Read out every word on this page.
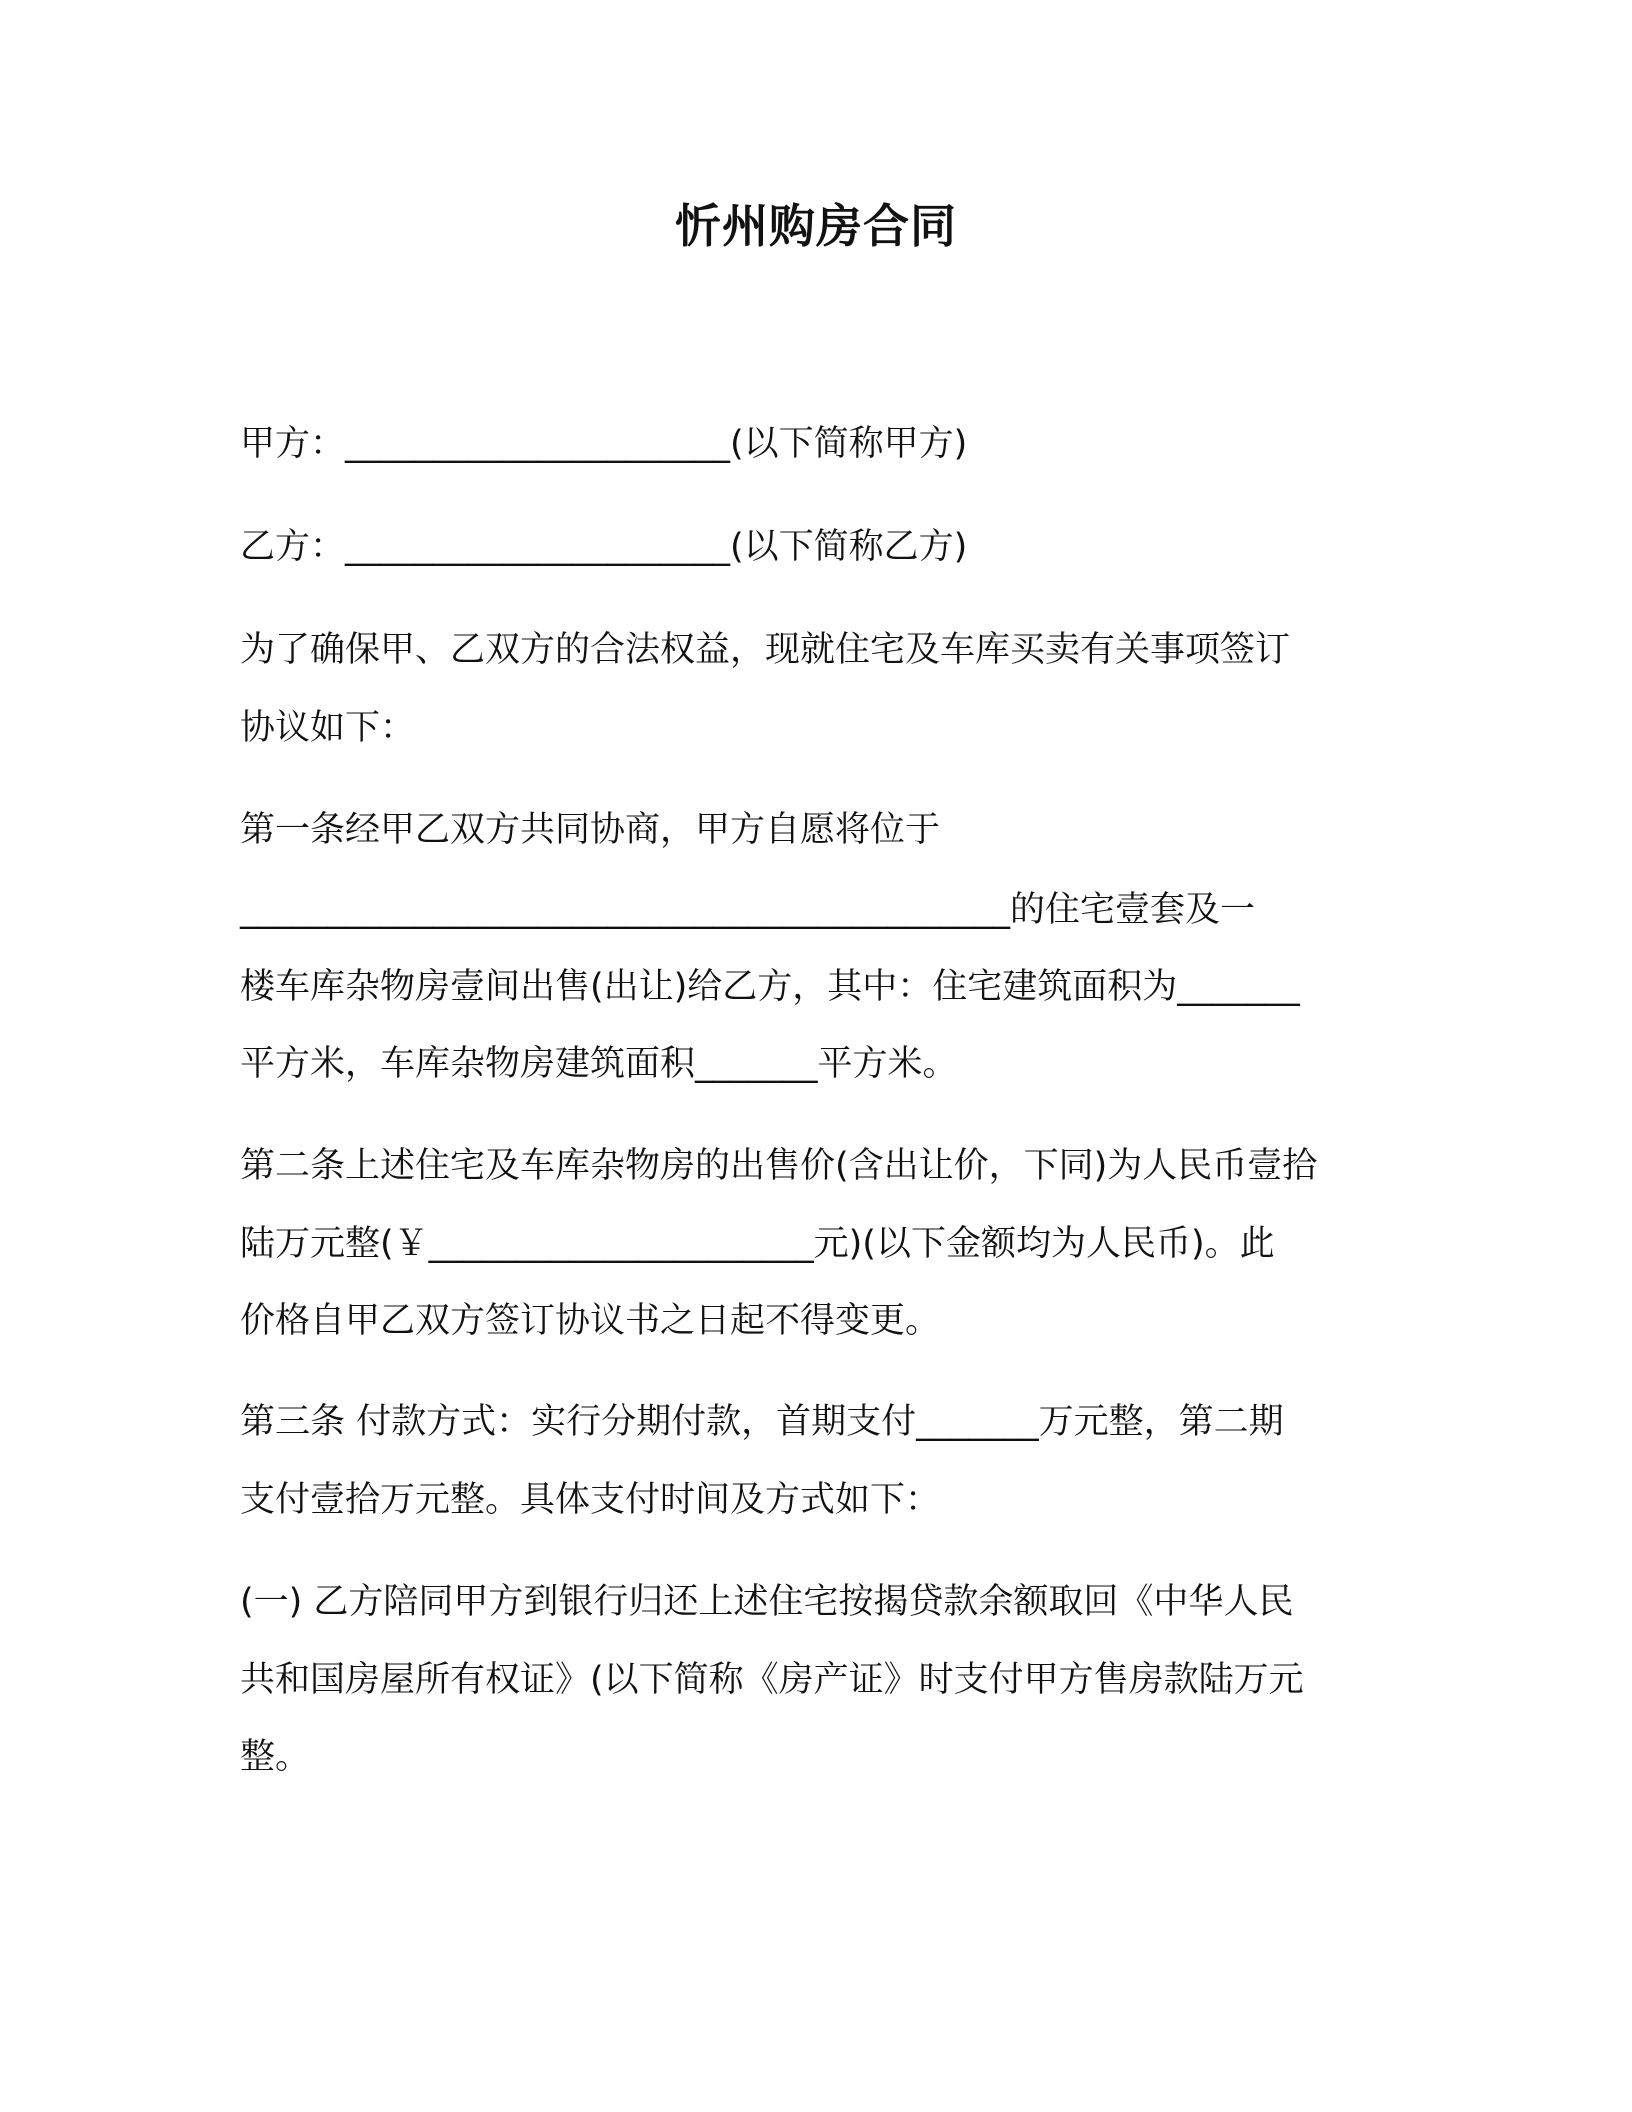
忻州购房合同
甲方：______________________(以下简称甲方)
乙方：______________________(以下简称乙方)
为了确保甲、乙双方的合法权益，现就住宅及车库买卖有关事项签订
协议如下：
第一条经甲乙双方共同协商，甲方自愿将位于
____________________________________________的住宅壹套及一
楼车库杂物房壹间出售(出让)给乙方，其中：住宅建筑面积为_______
平方米，车库杂物房建筑面积_______平方米。
第二条上述住宅及车库杂物房的出售价(含出让价，下同)为人民币壹拾
陆万元整(￥______________________元)(以下金额均为人民币)。此
价格自甲乙双方签订协议书之日起不得变更。
第三条 付款方式：实行分期付款，首期支付_______万元整，第二期
支付壹拾万元整。具体支付时间及方式如下：
(一) 乙方陪同甲方到银行归还上述住宅按揭贷款余额取回《中华人民
共和国房屋所有权证》(以下简称《房产证》时支付甲方售房款陆万元
整。
